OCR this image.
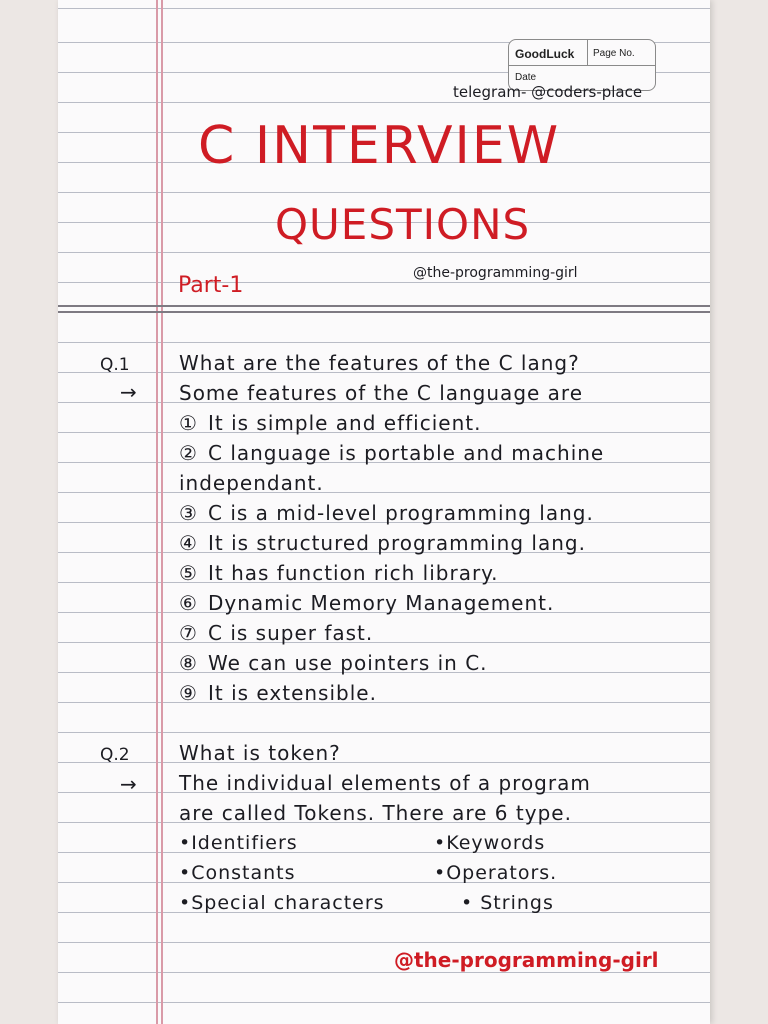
GoodLuck Page No.
Date
telegram- @coders-place
C INTERVIEW
QUESTIONS
Part-1	@the-programming-girl
Q.1 What are the features of the C lang?
→ Some features of the C language are
① It is simple and efficient.
② C language is portable and machine
independant.
③ C is a mid-level programming lang.
④ It is structured programming lang.
⑤ It has function rich library.
⑥ Dynamic Memory Management.
⑦ C is super fast.
⑧ We can use pointers in C.
⑨ It is extensible.
Q.2 What is token?
→ The individual elements of a program
are called Tokens. There are 6 type.
•Identifiers	•Keywords
•Constants	•Operators.
•Special characters	• Strings
@the-programming-girl
